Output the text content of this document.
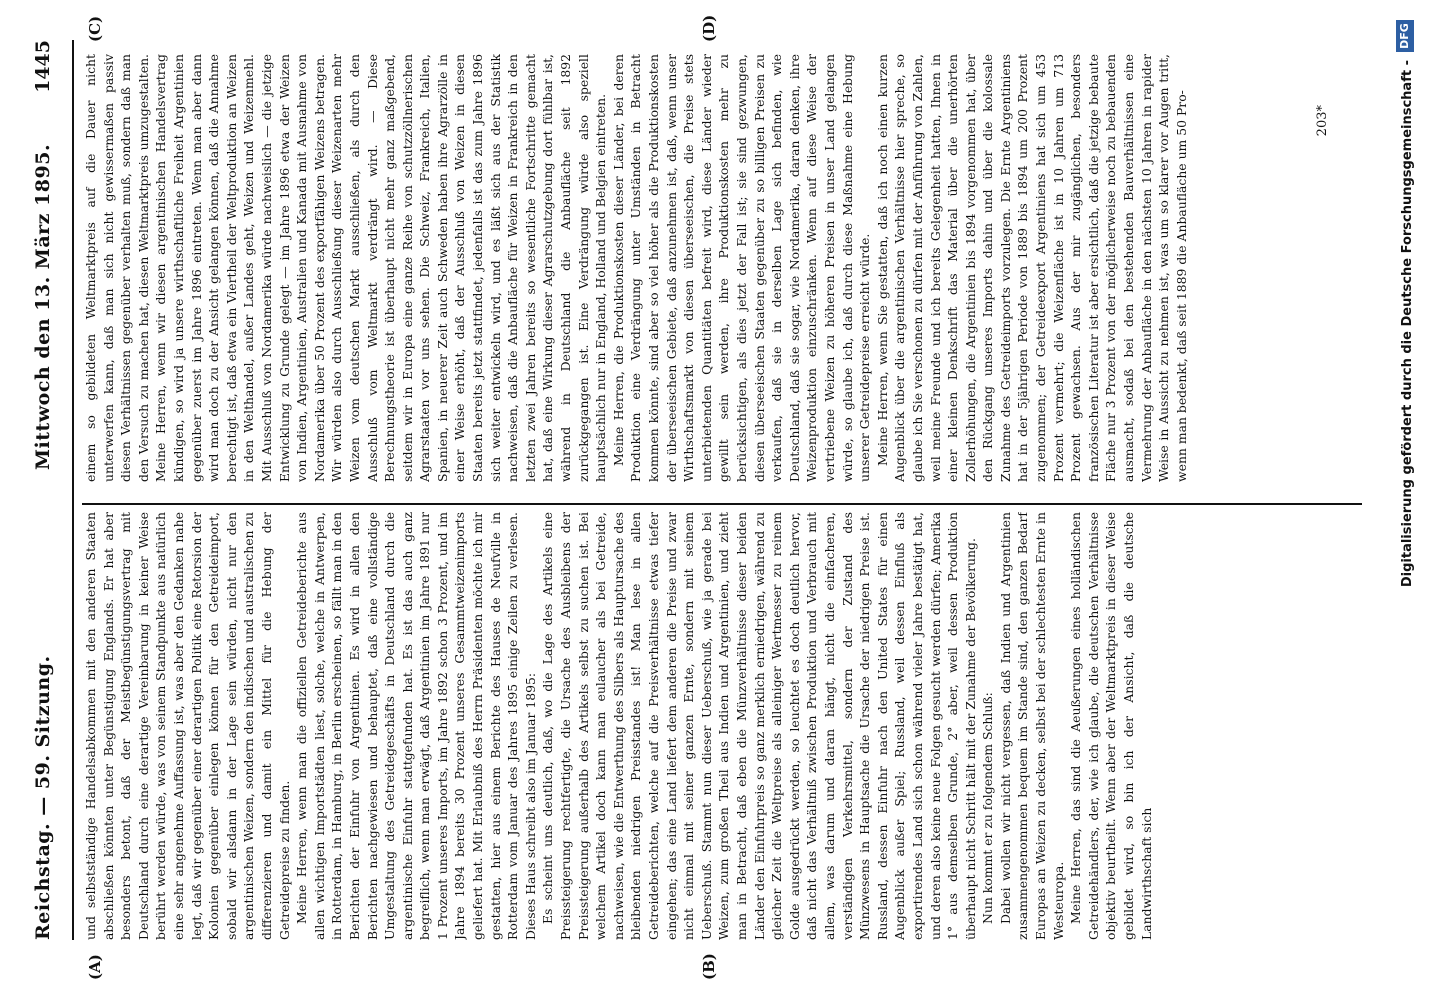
Reichstag. — 59. Sitzung.
Mittwoch den 13. März 1895.
1445
(A)	(B)
(C)	(D)

und selbstständige Handelsabkommen mit den anderen Staaten abschließen könnten unter Begünstigung Englands. Er hat aber besonders betont, daß der Meistbegünstigungsvertrag mit Deutschland durch eine derartige Vereinbarung in keiner Weise berührt werden würde, was von seinem Standpunkte aus natürlich eine sehr angenehme Auffassung ist, was aber den Gedanken nahe legt, daß wir gegenüber einer derartigen Politik eine Retorsion der Kolonien gegenüber einlegen können für den Getreideimport, sobald wir alsdann in der Lage sein würden, nicht nur den argentinischen Weizen, sondern den indischen und australischen zu differenzieren und damit ein Mittel für die Hebung der Getreidepreise zu finden. Meine Herren, wenn man die offiziellen Getreideberichte aus allen wichtigen Importstädten liest, solche, welche in Antwerpen, in Rotterdam, in Hamburg, in Berlin erscheinen, so fällt man in den Berichten der Einfuhr von Argentinien. Es wird in allen den Berichten nachgewiesen und behauptet, daß eine vollständige Umgestaltung des Getreidegeschäfts in Deutschland durch die argentinische Einfuhr stattgefunden hat. Es ist das auch ganz begreiflich, wenn man erwägt, daß Argentinien im Jahre 1891 nur 1 Prozent unseres Imports, im Jahre 1892 schon 3 Prozent, und im Jahre 1894 bereits 30 Prozent unseres Gesammtweizenimports geliefert hat. Mit Erlaubniß des Herrn Präsidenten möchte ich mir gestatten, hier aus einem Berichte des Hauses de Neufville in Rotterdam vom Januar des Jahres 1895 einige Zeilen zu verlesen. Dieses Haus schreibt also im Januar 1895: Es scheint uns deutlich, daß, wo die Lage des Artikels eine Preissteigerung rechtfertigte, die Ursache des Ausbleibens der Preissteigerung außerhalb des Artikels selbst zu suchen ist. Bei welchem Artikel doch kann man eulaucher als bei Getreide, nachweisen, wie die Entwerthung des Silbers als Hauptursache des bleibenden niedrigen Preisstandes ist! Man lese in allen Getreideberichten, welche auf die Preisverhältnisse etwas tiefer eingehen; das eine Land liefert dem anderen die Preise und zwar nicht einmal mit seiner ganzen Ernte, sondern mit seinem Ueberschuß. Stammt nun dieser Ueberschuß, wie ja gerade bei Weizen, zum großen Theil aus Indien und Argentinien, und zieht man in Betracht, daß eben die Münzverhältnisse dieser beiden Länder den Einfuhrpreis so ganz merklich erniedrigen, während zu gleicher Zeit die Weltpreise als alleiniger Wertmesser zu reinem Golde ausgedrückt werden, so leuchtet es doch deutlich hervor, daß nicht das Verhältniß zwischen Produktion und Verbrauch mit allem, was darum und daran hängt, nicht die einfacheren, verständigen Verkehrsmittel, sondern der Zustand des Münzwesens in Hauptsache die Ursache der niedrigen Preise ist. Russland, dessen Einfuhr nach den United States für einen Augenblick außer Spiel; Russland, weil dessen Einfluß als exportirendes Land sich schon während vieler Jahre bestätigt hat, und deren also keine neue Folgen gesucht werden dürfen; Amerika 1° aus demselben Grunde, 2° aber, weil dessen Produktion überhaupt nicht Schritt hält mit der Zunahme der Bevölkerung. Nun kommt er zu folgendem Schluß: Dabei wollen wir nicht vergessen, daß Indien und Argentinien zusammengenommen bequem im Stande sind, den ganzen Bedarf Europas an Weizen zu decken, selbst bei der schlechtesten Ernte in Westeuropa. Meine Herren, das sind die Aeußerungen eines holländischen Getreidehändlers, der, wie ich glaube, die deutschen Verhältnisse objektiv beurtheilt. Wenn aber der Weltmarktpreis in dieser Weise gebildet wird, so bin ich der Ansicht, daß die deutsche Landwirthschaft sich

einem so gebildeten Weltmarktpreis auf die Dauer nicht unterwerfen kann, daß man sich nicht gewissermaßen passiv diesen Verhältnissen gegenüber verhalten muß, sondern daß man den Versuch zu machen hat, diesen Weltmarktpreis umzugestalten. Meine Herren, wenn wir diesen argentinischen Handelsvertrag kündigen, so wird ja unsere wirthschaftliche Freiheit Argentinien gegenüber zuerst im Jahre 1896 eintreten. Wenn man aber dann wird man doch zu der Ansicht gelangen können, daß die Annahme berechtigt ist, daß etwa ein Viertheil der Weltproduktion an Weizen in den Welthandel, außer Landes geht, Weizen und Weizenmehl. Mit Ausschluß von Nordamerika würde nachweislich — die jetzige Entwicklung zu Grunde gelegt — im Jahre 1896 etwa der Weizen von Indien, Argentinien, Australien und Kanada mit Ausnahme von Nordamerika über 50 Prozent des exportfähigen Weizens betragen. Wir würden also durch Ausschließung dieser Weizenarten mehr Weizen vom deutschen Markt ausschließen, als durch den Ausschluß vom Weltmarkt verdrängt wird. — Diese Berechnungstheorie ist überhaupt nicht mehr ganz maßgebend, seitdem wir in Europa eine ganze Reihe von schutzzöllnerischen Agrarstaaten vor uns sehen. Die Schweiz, Frankreich, Italien, Spanien, in neuerer Zeit auch Schweden haben ihre Agrarzölle in einer Weise erhöht, daß der Ausschluß von Weizen in diesen Staaten bereits jetzt stattfindet, jedenfalls ist das zum Jahre 1896 sich weiter entwickeln wird, und es läßt sich aus der Statistik nachweisen, daß die Anbaufläche für Weizen in Frankreich in den letzten zwei Jahren bereits so wesentliche Fortschritte gemacht hat, daß eine Wirkung dieser Agrarschutzgebung dort fühlbar ist, während in Deutschland die Anbaufläche seit 1892 zurückgegangen ist. Eine Verdrängung würde also speziell hauptsächlich nur in England, Holland und Belgien eintreten. Meine Herren, die Produktionskosten dieser Länder, bei deren Produktion eine Verdrängung unter Umständen in Betracht kommen könnte, sind aber so viel höher als die Produktionskosten der überseeischen Gebiete, daß anzunehmen ist, daß, wenn unser Wirthschaftsmarkt von diesen überseeischen, die Preise stets unterbietenden Quantitäten befreit wird, diese Länder wieder gewillt sein werden, ihre Produktionskosten mehr zu berücksichtigen, als dies jetzt der Fall ist; sie sind gezwungen, diesen überseeischen Staaten gegenüber zu so billigen Preisen zu verkaufen, daß sie in derselben Lage sich befinden, wie Deutschland, daß sie sogar, wie Nordamerika, daran denken, ihre Weizenproduktion einzuschränken. Wenn auf diese Weise der vertriebene Weizen zu höheren Preisen in unser Land gelangen würde, so glaube ich, daß durch diese Maßnahme eine Hebung unserer Getreidepreise erreicht würde. Meine Herren, wenn Sie gestatten, daß ich noch einen kurzen Augenblick über die argentinischen Verhältnisse hier spreche, so glaube ich Sie verschonen zu dürfen mit der Anführung von Zahlen, weil meine Freunde und ich bereits Gelegenheit hatten, Ihnen in einer kleinen Denkschrift das Material über die unerhörten Zollerhöhungen, die Argentinien bis 1894 vorgenommen hat, über den Rückgang unseres Imports dahin und über die kolossale Zunahme des Getreideimports vorzulegen. Die Ernte Argentiniens hat in der 5jährigen Periode von 1889 bis 1894 um 200 Prozent zugenommen; der Getreideexport Argentiniens hat sich um 453 Prozent vermehrt; die Weizenfläche ist in 10 Jahren um 713 Prozent gewachsen. Aus der mir zugänglichen, besonders französischen Literatur ist aber ersichtlich, daß die jetzige bebaute Fläche nur 3 Prozent von der möglicherweise noch zu bebauenden ausmacht, sodaß bei den bestehenden Bauverhältnissen eine Vermehrung der Anbaufläche in den nächsten 10 Jahren in rapider Weise in Aussicht zu nehmen ist, was um so klarer vor Augen tritt, wenn man bedenkt, daß seit 1889 die Anbaufläche um 50 Pro-	203*	Digitalisierung gefördert durch die Deutsche Forschungsgemeinschaft -
DFG
